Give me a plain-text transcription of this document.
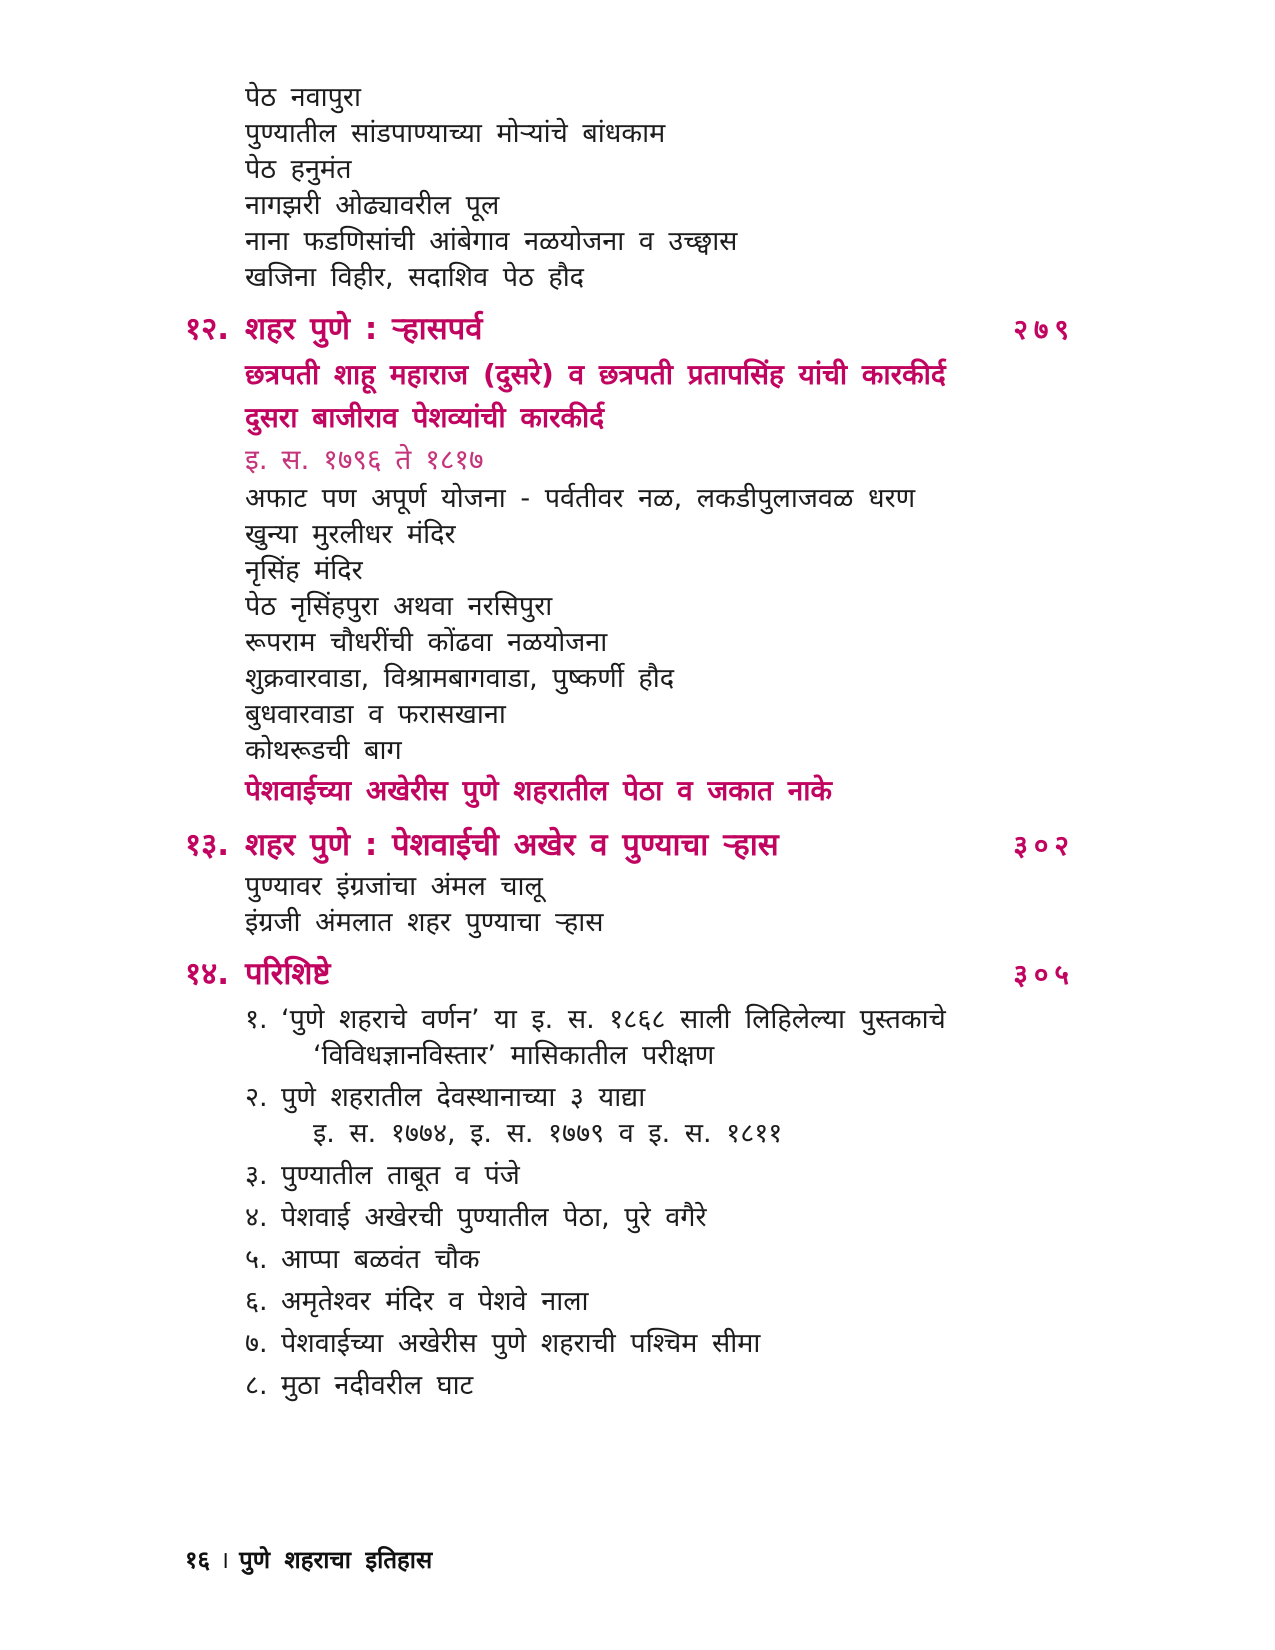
पेठ नवापुरा
पुण्यातील सांडपाण्याच्या मोऱ्यांचे बांधकाम
पेठ हनुमंत
नागझरी ओढ्यावरील पूल
नाना फडणिसांची आंबेगाव नळयोजना व उच्छ्वास
खजिना विहीर, सदाशिव पेठ हौद
१२. शहर पुणे : ऱ्हासपर्व	२७९
छत्रपती शाहू महाराज (दुसरे) व छत्रपती प्रतापसिंह यांची कारकीर्द
दुसरा बाजीराव पेशव्यांची कारकीर्द
इ. स. १७९६ ते १८१७
अफाट पण अपूर्ण योजना - पर्वतीवर नळ, लकडीपुलाजवळ धरण
खुन्या मुरलीधर मंदिर
नृसिंह मंदिर
पेठ नृसिंहपुरा अथवा नरसिपुरा
रूपराम चौधरींची कोंढवा नळयोजना
शुक्रवारवाडा, विश्रामबागवाडा, पुष्कर्णी हौद
बुधवारवाडा व फरासखाना
कोथरूडची बाग
पेशवाईच्या अखेरीस पुणे शहरातील पेठा व जकात नाके
१३. शहर पुणे : पेशवाईची अखेर व पुण्याचा ऱ्हास	३०२
पुण्यावर इंग्रजांचा अंमल चालू
इंग्रजी अंमलात शहर पुण्याचा ऱ्हास
१४. परिशिष्टे	३०५
१. ‘पुणे शहराचे वर्णन’ या इ. स. १८६८ साली लिहिलेल्या पुस्तकाचे
‘विविधज्ञानविस्तार’ मासिकातील परीक्षण
२. पुणे शहरातील देवस्थानाच्या ३ याद्या
इ. स. १७७४, इ. स. १७७९ व इ. स. १८११
३. पुण्यातील ताबूत व पंजे
४. पेशवाई अखेरची पुण्यातील पेठा, पुरे वगैरे
५. आप्पा बळवंत चौक
६. अमृतेश्वर मंदिर व पेशवे नाला
७. पेशवाईच्या अखेरीस पुणे शहराची पश्चिम सीमा
८. मुठा नदीवरील घाट
१६ । पुणे शहराचा इतिहास
